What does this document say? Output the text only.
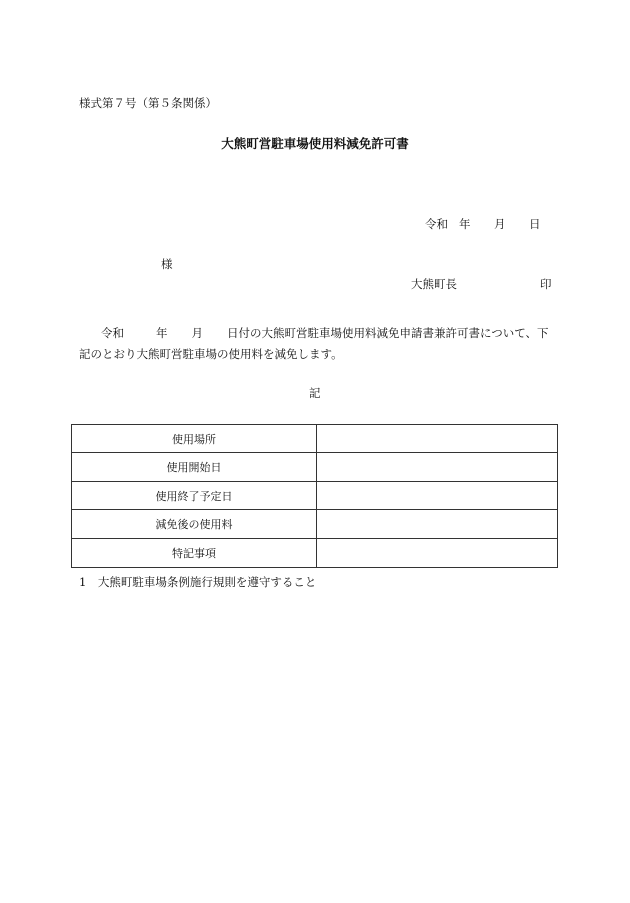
様式第７号（第５条関係）
大熊町営駐車場使用料減免許可書
令和 年 月 日
様
大熊町長	印
令和	年 月 日付の大熊町営駐車場使用料減免申請書兼許可書について、下記のとおり大熊町営駐車場の使用料を減免します。
記
使用場所	
使用開始日	
使用終了予定日	
減免後の使用料	
特記事項	
1　大熊町駐車場条例施行規則を遵守すること
